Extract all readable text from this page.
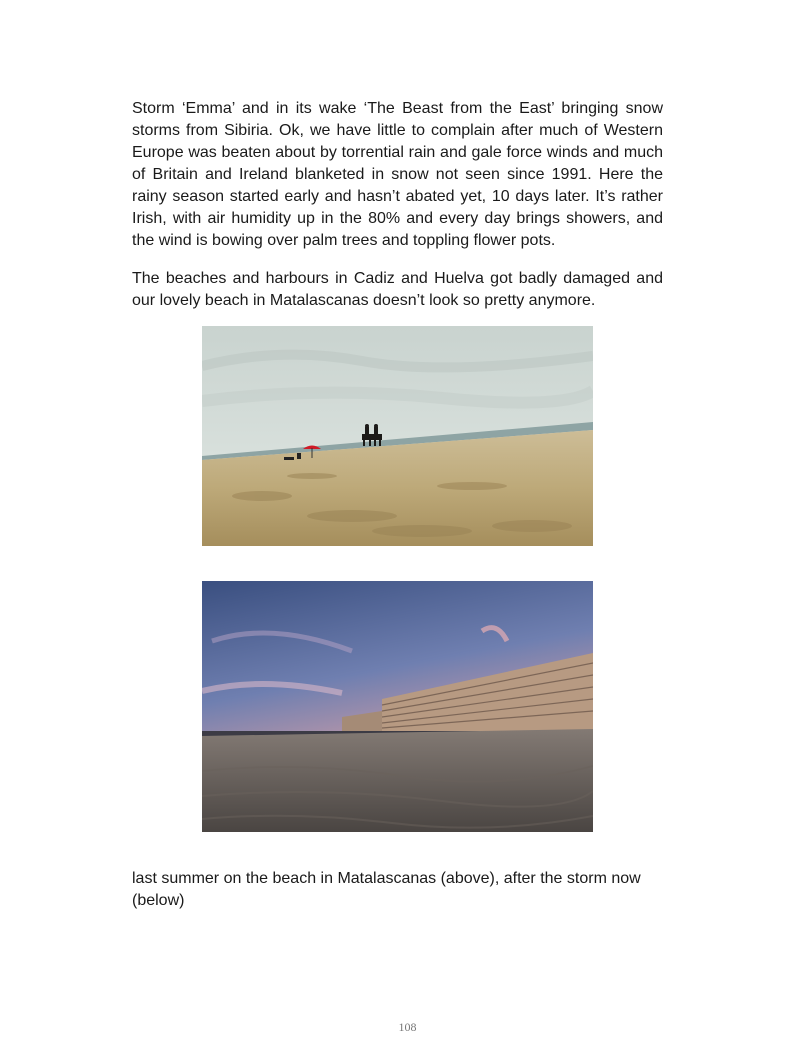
Storm ‘Emma’ and in its wake ‘The Beast from the East’ bringing snow storms from Sibiria. Ok, we have little to complain after much of Western Europe was beaten about by torrential rain and gale force winds and much of Britain and Ireland blanketed in snow not seen since 1991. Here the rainy season started early and hasn’t abated yet, 10 days later. It’s rather Irish, with air humidity up in the 80% and every day brings showers, and the wind is bowing over palm trees and toppling flower pots.

The beaches and harbours in Cadiz and Huelva got badly damaged and our lovely beach in Matalascanas doesn’t look so pretty anymore.

last summer on the beach in Matalascanas (above), after the storm now (below)

108
